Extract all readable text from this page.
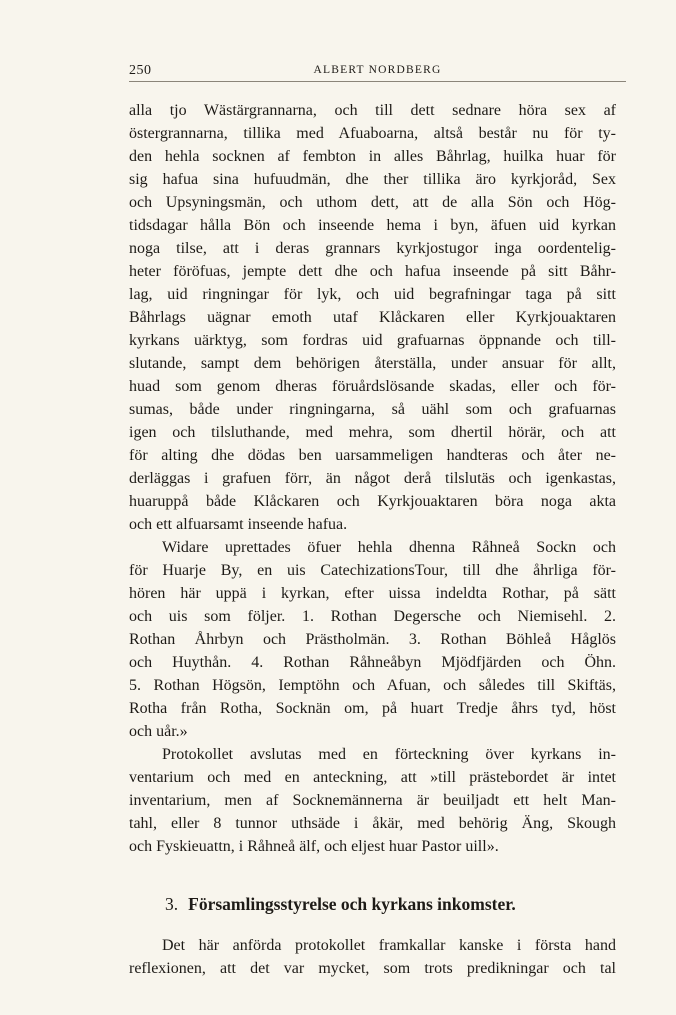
250	ALBERT NORDBERG
alla tjo Wästärgrannarna, och till dett sednare höra sex af
östergrannarna, tillika med Afuaboarna, altså består nu för ty-
den hehla socknen af fembton in alles Båhrlag, huilka huar för
sig hafua sina hufuudmän, dhe ther tillika äro kyrkjoråd, Sex
och Upsyningsmän, och uthom dett, att de alla Sön och Hög-
tidsdagar hålla Bön och inseende hema i byn, äfuen uid kyrkan
noga tilse, att i deras grannars kyrkjostugor inga oordentelig-
heter föröfuas, jempte dett dhe och hafua inseende på sitt Båhr-
lag, uid ringningar för lyk, och uid begrafningar taga på sitt
Båhrlags uägnar emoth utaf Klåckaren eller Kyrkjouaktaren
kyrkans uärktyg, som fordras uid grafuarnas öppnande och till-
slutande, sampt dem behörigen återställa, under ansuar för allt,
huad som genom dheras föruårdslösande skadas, eller och för-
sumas, både under ringningarna, så uähl som och grafuarnas
igen och tilsluthande, med mehra, som dhertil hörär, och att
för alting dhe dödas ben uarsammeligen handteras och åter ne-
derläggas i grafuen förr, än något derå tilslutäs och igenkastas,
huaruppå både Klåckaren och Kyrkjouaktaren böra noga akta
och ett alfuarsamt inseende hafua.
Widare uprettades öfuer hehla dhenna Råhneå Sockn och
för Huarje By, en uis CatechizationsTour, till dhe åhrliga för-
hören här uppä i kyrkan, efter uissa indeldta Rothar, på sätt
och uis som följer. 1. Rothan Degersche och Niemisehl. 2.
Rothan Åhrbyn och Prästholmän. 3. Rothan Böhleå Håglös
och Huythån. 4. Rothan Råhneåbyn Mjödfjärden och Öhn.
5. Rothan Högsön, Iemptöhn och Afuan, och således till Skiftäs,
Rotha från Rotha, Socknän om, på huart Tredje åhrs tyd, höst
och uår.»
Protokollet avslutas med en förteckning över kyrkans in-
ventarium och med en anteckning, att »till prästebordet är intet
inventarium, men af Socknemännerna är beuiljadt ett helt Man-
tahl, eller 8 tunnor uthsäde i åkär, med behörig Äng, Skough
och Fyskieuattn, i Råhneå älf, och eljest huar Pastor uill».
3. Församlingsstyrelse och kyrkans inkomster.
Det här anförda protokollet framkallar kanske i första hand
reflexionen, att det var mycket, som trots predikningar och tal
